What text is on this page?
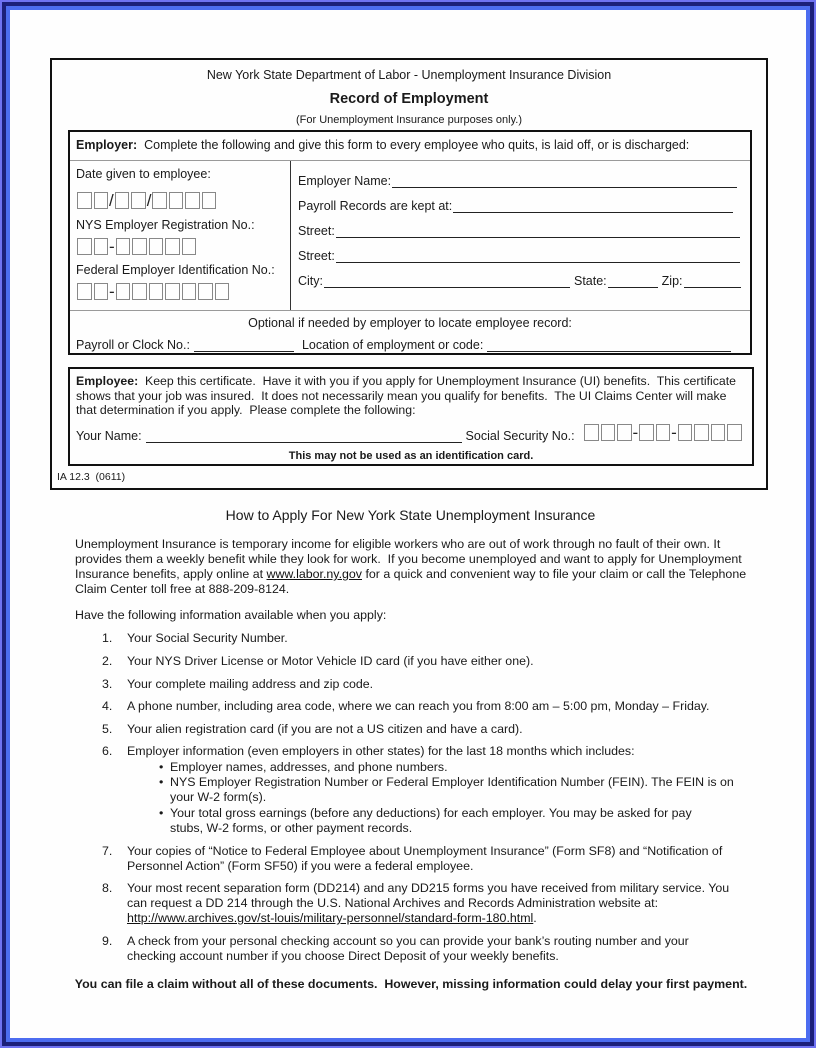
New York State Department of Labor - Unemployment Insurance Division
Record of Employment
(For Unemployment Insurance purposes only.)
Employer:  Complete the following and give this form to every employee who quits, is laid off, or is discharged:
Date given to employee:
/ /
NYS Employer Registration No.:
-
Federal Employer Identification No.:
-
Employer Name:
Payroll Records are kept at:
Street:
Street:
City:	State:	Zip:
Optional if needed by employer to locate employee record:
Payroll or Clock No.:	Location of employment or code:
Employee:  Keep this certificate.  Have it with you if you apply for Unemployment Insurance (UI) benefits.  This certificate shows that your job was insured.  It does not necessarily mean you qualify for benefits.  The UI Claims Center will make that determination if you apply.  Please complete the following:
Your Name:	Social Security No.:	- -
This may not be used as an identification card.
IA 12.3  (0611)
How to Apply For New York State Unemployment Insurance
Unemployment Insurance is temporary income for eligible workers who are out of work through no fault of their own. It provides them a weekly benefit while they look for work.  If you become unemployed and want to apply for Unemployment Insurance benefits, apply online at www.labor.ny.gov for a quick and convenient way to file your claim or call the Telephone Claim Center toll free at 888-209-8124.
Have the following information available when you apply:
1.	Your Social Security Number.
2.	Your NYS Driver License or Motor Vehicle ID card (if you have either one).
3.	Your complete mailing address and zip code.
4.	A phone number, including area code, where we can reach you from 8:00 am – 5:00 pm, Monday – Friday.
5.	Your alien registration card (if you are not a US citizen and have a card).
6.	Employer information (even employers in other states) for the last 18 months which includes:
• Employer names, addresses, and phone numbers.
• NYS Employer Registration Number or Federal Employer Identification Number (FEIN). The FEIN is on your W-2 form(s).
• Your total gross earnings (before any deductions) for each employer. You may be asked for pay stubs, W-2 forms, or other payment records.
7.	Your copies of “Notice to Federal Employee about Unemployment Insurance” (Form SF8) and “Notification of Personnel Action” (Form SF50) if you were a federal employee.
8.	Your most recent separation form (DD214) and any DD215 forms you have received from military service. You can request a DD 214 through the U.S. National Archives and Records Administration website at:
http://www.archives.gov/st-louis/military-personnel/standard-form-180.html.
9.	A check from your personal checking account so you can provide your bank’s routing number and your checking account number if you choose Direct Deposit of your weekly benefits.
You can file a claim without all of these documents.  However, missing information could delay your first payment.
